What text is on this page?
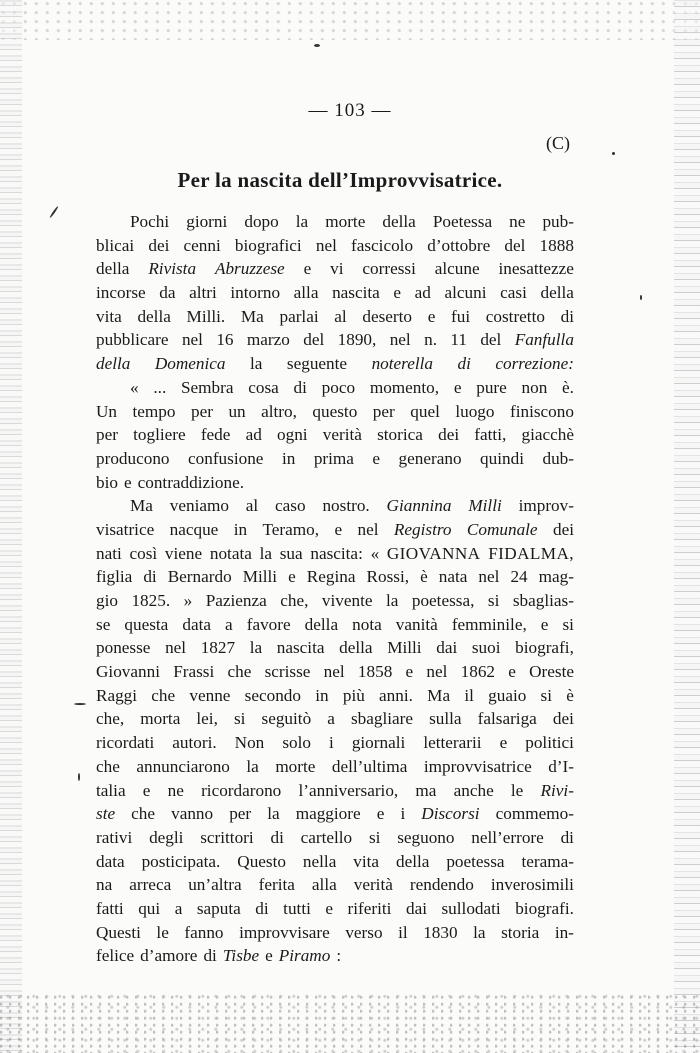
— 103 —
(C)
Per la nascita dell’Improvvisatrice.
Pochi giorni dopo la morte della Poetessa ne pub-
blicai dei cenni biografici nel fascicolo d’ottobre del 1888
della Rivista Abruzzese e vi corressi alcune inesattezze
incorse da altri intorno alla nascita e ad alcuni casi della
vita della Milli. Ma parlai al deserto e fui costretto di
pubblicare nel 16 marzo del 1890, nel n. 11 del Fanfulla
della Domenica la seguente noterella di correzione:
« ... Sembra cosa di poco momento, e pure non è.
Un tempo per un altro, questo per quel luogo finiscono
per togliere fede ad ogni verità storica dei fatti, giacchè
producono confusione in prima e generano quindi dub-
bio e contraddizione.
Ma veniamo al caso nostro. Giannina Milli improv-
visatrice nacque in Teramo, e nel Registro Comunale dei
nati così viene notata la sua nascita: « GIOVANNA FIDALMA,
figlia di Bernardo Milli e Regina Rossi, è nata nel 24 mag-
gio 1825. » Pazienza che, vivente la poetessa, si sbaglias-
se questa data a favore della nota vanità femminile, e si
ponesse nel 1827 la nascita della Milli dai suoi biografi,
Giovanni Frassi che scrisse nel 1858 e nel 1862 e Oreste
Raggi che venne secondo in più anni. Ma il guaio si è
che, morta lei, si seguitò a sbagliare sulla falsariga dei
ricordati autori. Non solo i giornali letterarii e politici
che annunciarono la morte dell’ultima improvvisatrice d’I-
talia e ne ricordarono l’anniversario, ma anche le Rivi-
ste che vanno per la maggiore e i Discorsi commemo-
rativi degli scrittori di cartello si seguono nell’errore di
data posticipata. Questo nella vita della poetessa terama-
na arreca un’altra ferita alla verità rendendo inverosimili
fatti qui a saputa di tutti e riferiti dai sullodati biografi.
Questi le fanno improvvisare verso il 1830 la storia in-
felice d’amore di Tisbe e Piramo :
